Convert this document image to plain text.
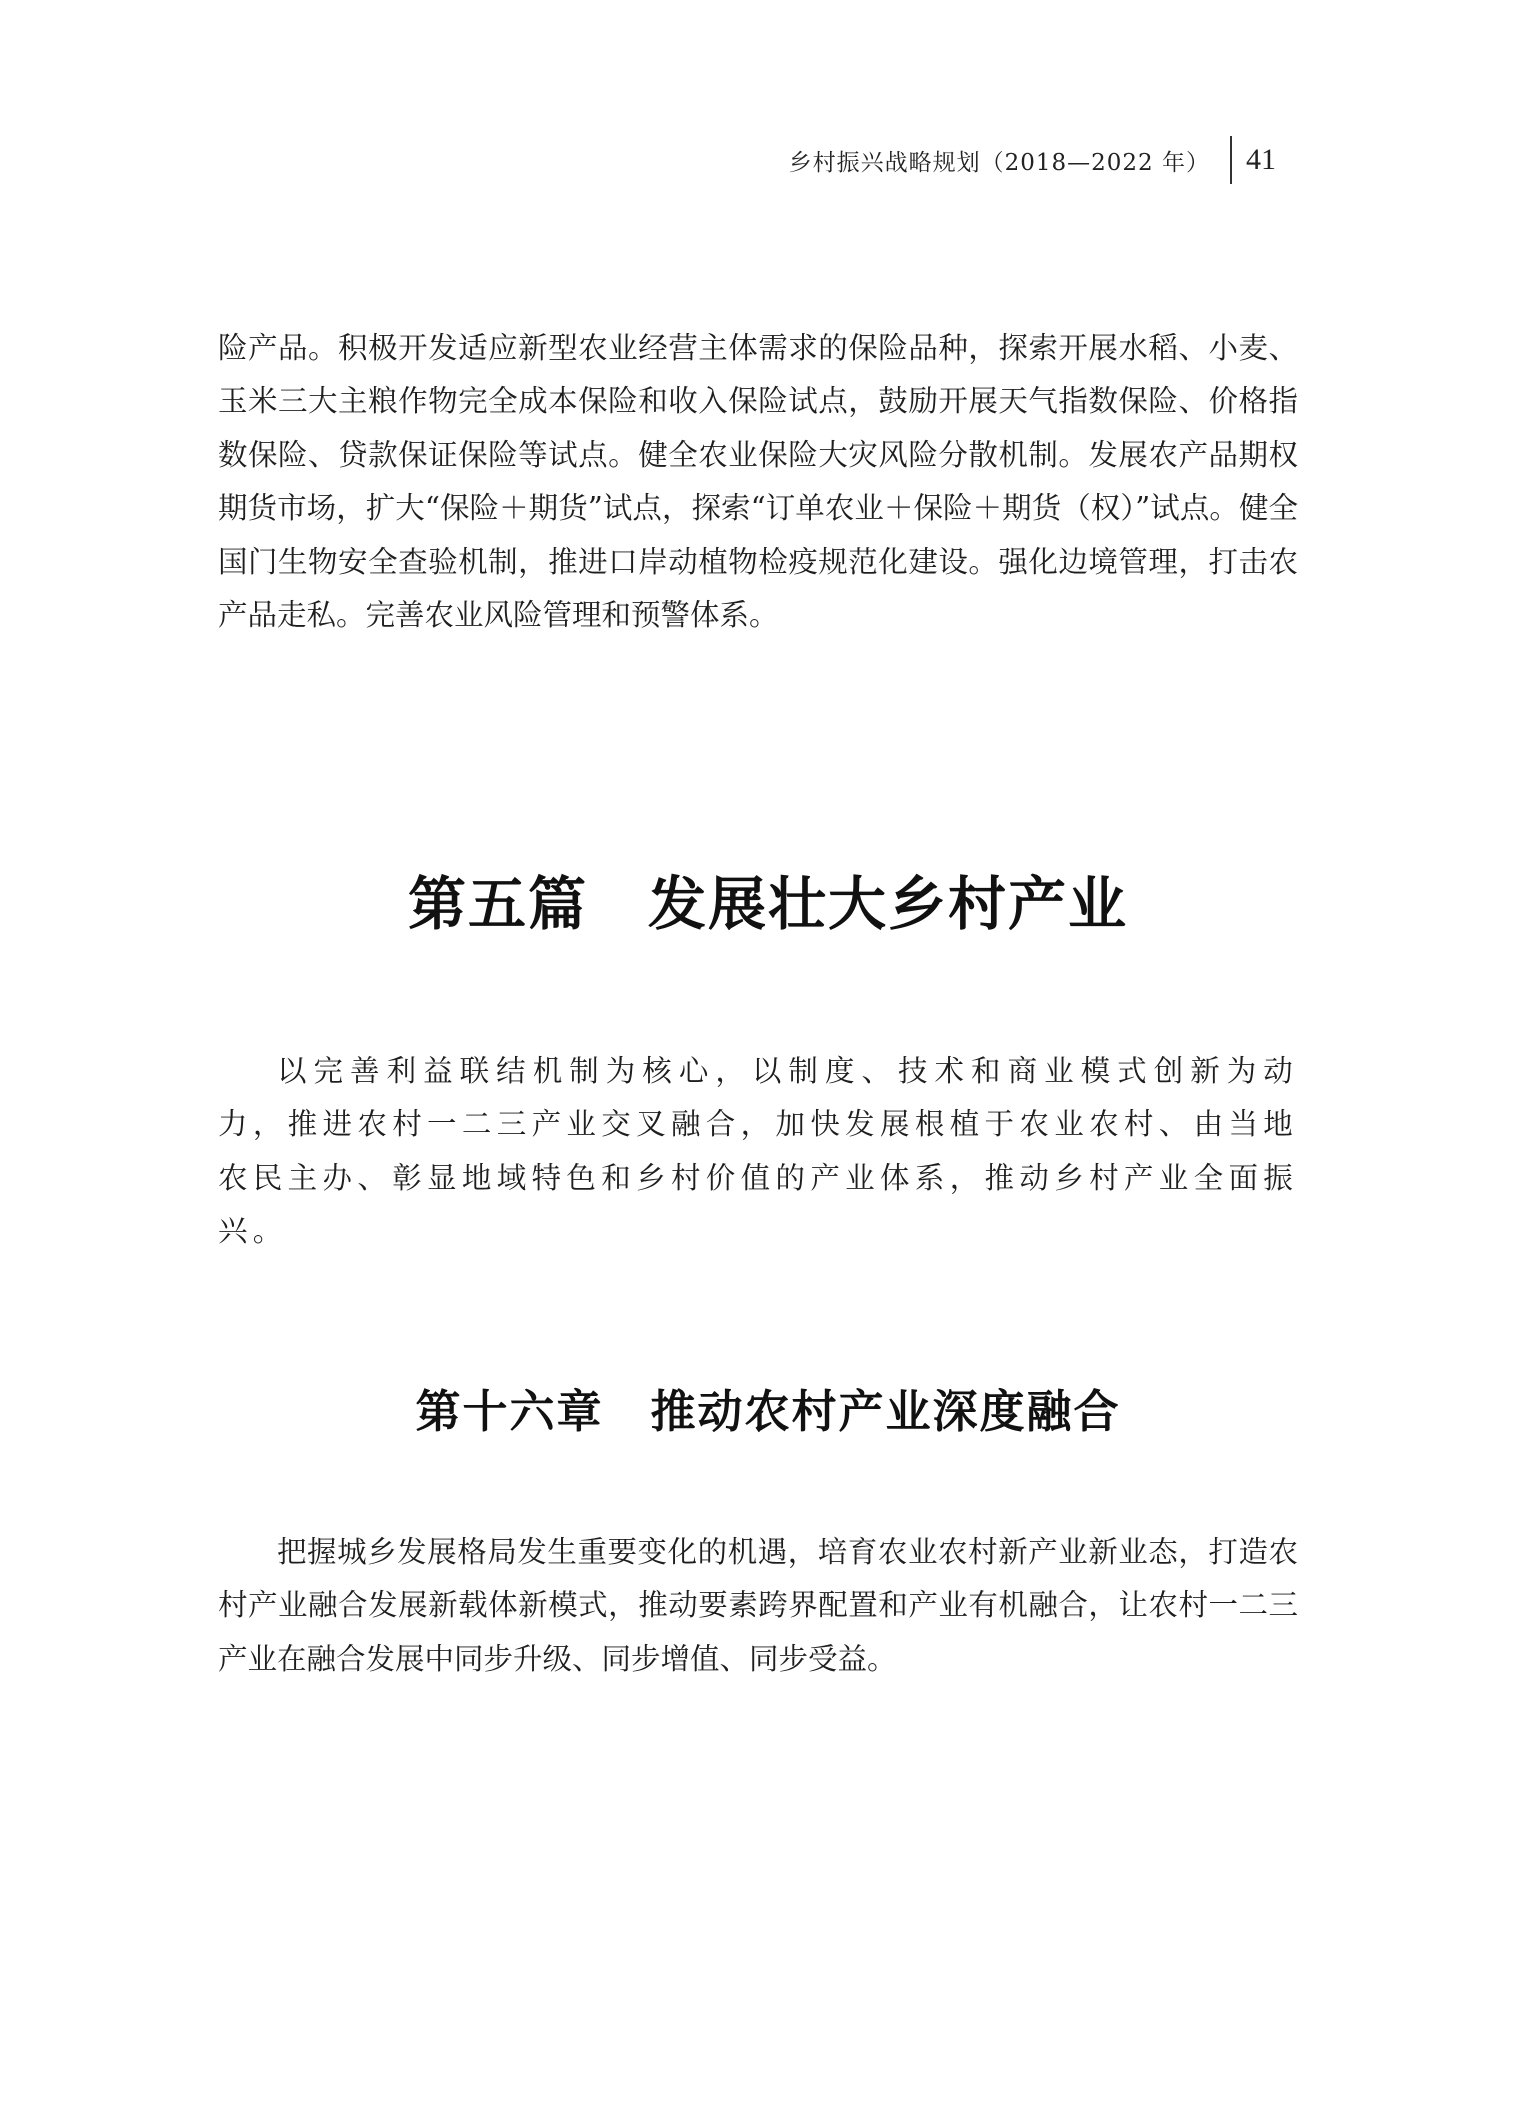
乡村振兴战略规划（2018—2022 年） 41

险产品。积极开发适应新型农业经营主体需求的保险品种，探索开展水稻、小麦、玉米三大主粮作物完全成本保险和收入保险试点，鼓励开展天气指数保险、价格指数保险、贷款保证保险等试点。健全农业保险大灾风险分散机制。发展农产品期权期货市场，扩大“保险＋期货”试点，探索“订单农业＋保险＋期货（权）”试点。健全国门生物安全查验机制，推进口岸动植物检疫规范化建设。强化边境管理，打击农产品走私。完善农业风险管理和预警体系。

第五篇　发展壮大乡村产业

以完善利益联结机制为核心，以制度、技术和商业模式创新为动力，推进农村一二三产业交叉融合，加快发展根植于农业农村、由当地农民主办、彰显地域特色和乡村价值的产业体系，推动乡村产业全面振兴。

第十六章　推动农村产业深度融合

把握城乡发展格局发生重要变化的机遇，培育农业农村新产业新业态，打造农村产业融合发展新载体新模式，推动要素跨界配置和产业有机融合，让农村一二三产业在融合发展中同步升级、同步增值、同步受益。
